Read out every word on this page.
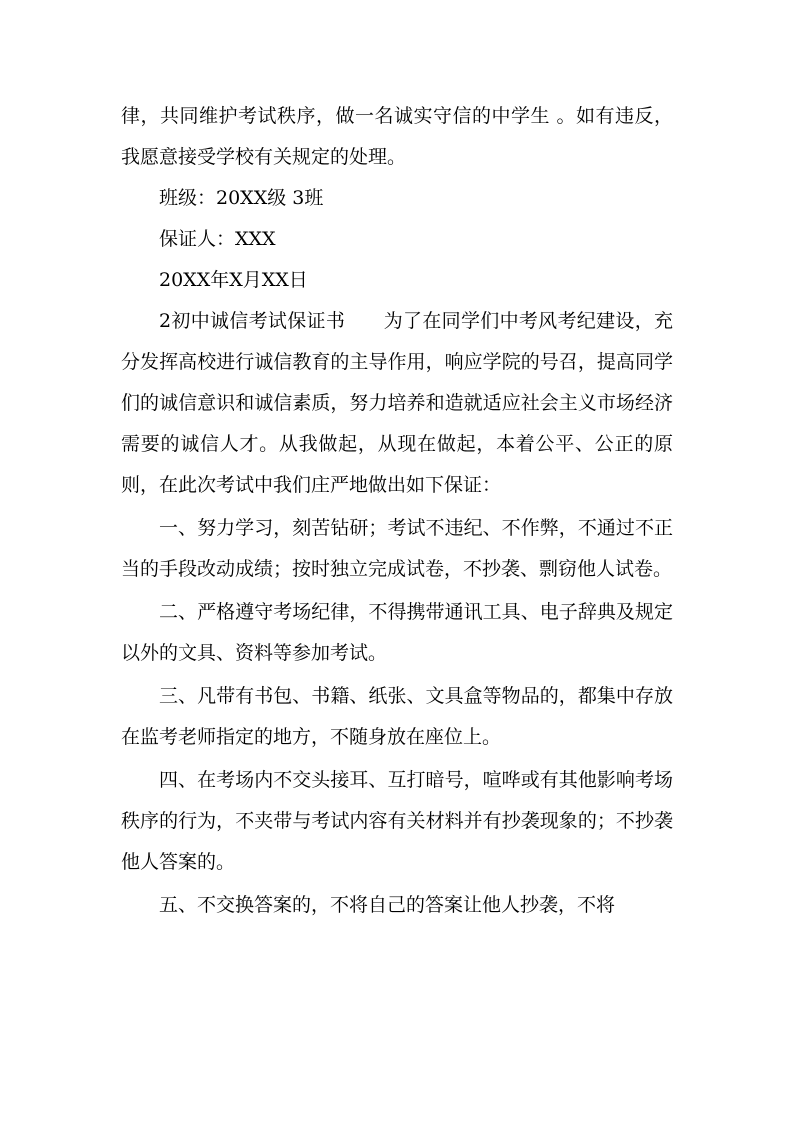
律，共同维护考试秩序，做一名诚实守信的中学生 。如有违反，我愿意接受学校有关规定的处理。

班级：20XX级 3班

保证人：XXX

20XX年X月XX日

2初中诚信考试保证书　　为了在同学们中考风考纪建设，充分发挥高校进行诚信教育的主导作用，响应学院的号召，提高同学们的诚信意识和诚信素质，努力培养和造就适应社会主义市场经济需要的诚信人才。从我做起，从现在做起，本着公平、公正的原则，在此次考试中我们庄严地做出如下保证：

一、努力学习，刻苦钻研；考试不违纪、不作弊，不通过不正当的手段改动成绩；按时独立完成试卷，不抄袭、剽窃他人试卷。

二、严格遵守考场纪律，不得携带通讯工具、电子辞典及规定以外的文具、资料等参加考试。

三、凡带有书包、书籍、纸张、文具盒等物品的，都集中存放在监考老师指定的地方，不随身放在座位上。

四、在考场内不交头接耳、互打暗号，喧哗或有其他影响考场秩序的行为，不夹带与考试内容有关材料并有抄袭现象的；不抄袭他人答案的。

五、不交换答案的，不将自己的答案让他人抄袭，不将
